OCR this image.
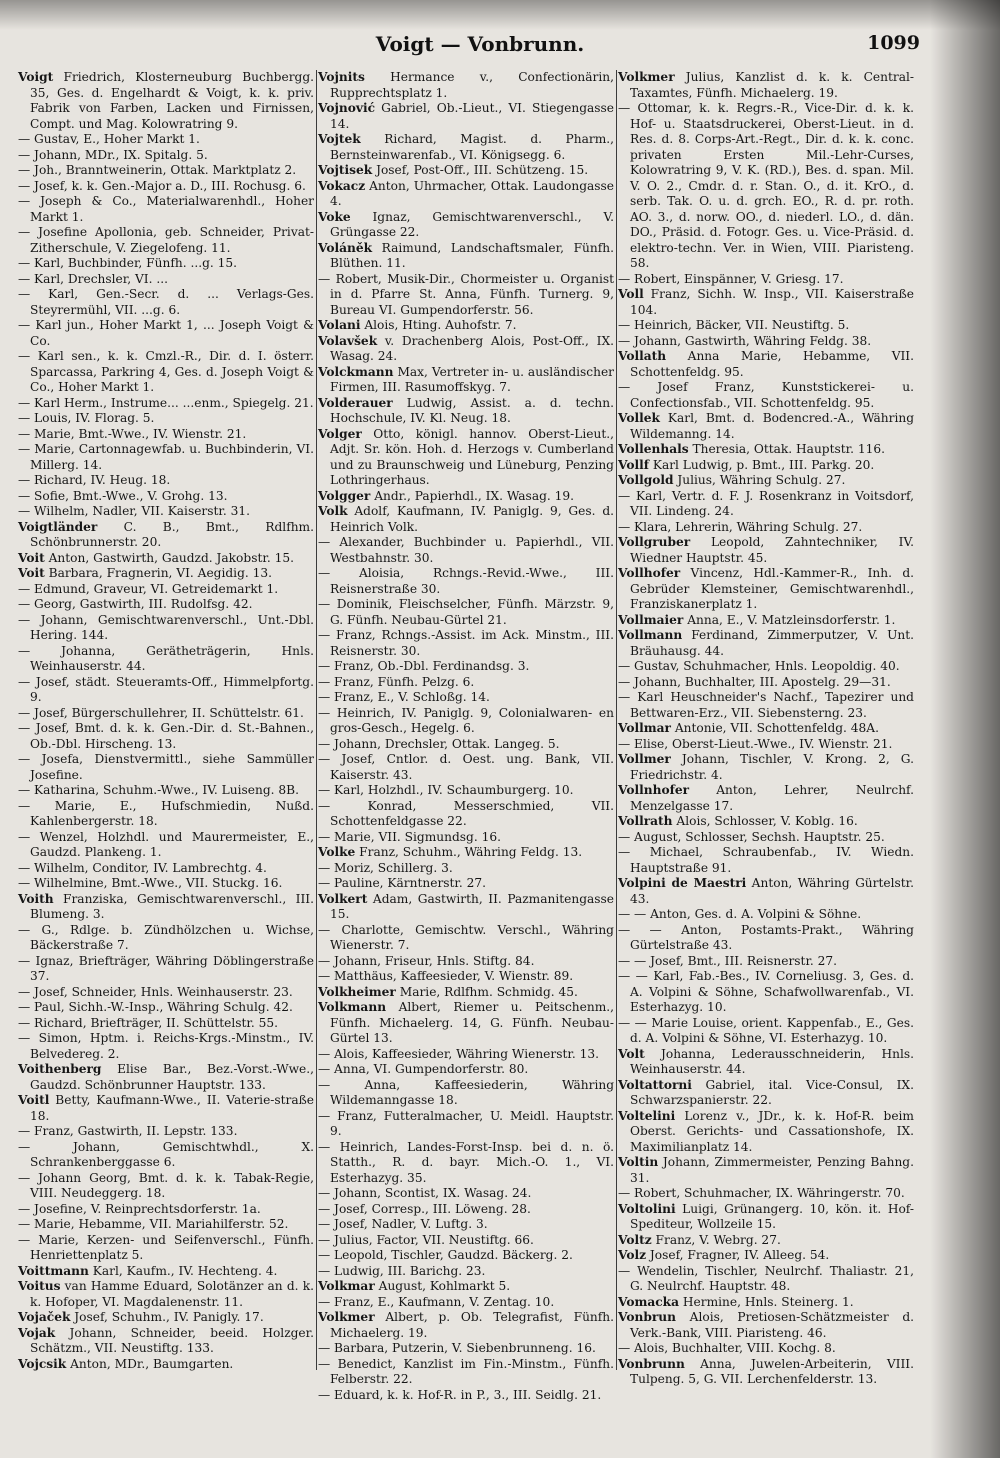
Voigt — Vonbrunn.	1099
Voigt Friedrich, Klosterneuburg Buchbergg. 35, Ges. d. Engelhardt & Voigt, k. k. priv. Fabrik von Farben, Lacken und Firnissen, Compt. und Mag. Kolowratring 9.
— Gustav, E., Hoher Markt 1.
— Johann, MDr., IX. Spitalg. 5.
— Joh., Branntweinerin, Ottak. Marktplatz 2.
— Josef, k. k. Gen.-Major a. D., III. Rochusg. 6.
— Joseph & Co., Materialwarenhdl., Hoher Markt 1.
— Josefine Apollonia, geb. Schneider, Privat-Zitherschule, V. Ziegelofeng. 11.
— Karl, Buchbinder, Fünfh. ...g. 15.
— Karl, Drechsler, VI. ...
— Karl, Gen.-Secr. d. ... Verlags-Ges. Steyrermühl, VII. ...g. 6.
— Karl jun., Hoher Markt 1, ... Joseph Voigt & Co.
— Karl sen., k. k. Cmzl.-R., Dir. d. I. österr. Sparcassa, Parkring 4, Ges. d. Joseph Voigt & Co., Hoher Markt 1.
— Karl Herm., Instrume... ...enm., Spiegelg. 21.
— Louis, IV. Florag. 5.
— Marie, Bmt.-Wwe., IV. Wienstr. 21.
— Marie, Cartonnagewfab. u. Buchbinderin, VI. Millerg. 14.
— Richard, IV. Heug. 18.
— Sofie, Bmt.-Wwe., V. Grohg. 13.
— Wilhelm, Nadler, VII. Kaiserstr. 31.
Voigtländer C. B., Bmt., Rdlfhm. Schönbrunnerstr. 20.
Voit Anton, Gastwirth, Gaudzd. Jakobstr. 15.
Voit Barbara, Fragnerin, VI. Aegidig. 13.
— Edmund, Graveur, VI. Getreidemarkt 1.
— Georg, Gastwirth, III. Rudolfsg. 42.
— Johann, Gemischtwarenverschl., Unt.-Dbl. Hering. 144.
— Johanna, Gerätheträgerin, Hnls. Weinhauserstr. 44.
— Josef, städt. Steueramts-Off., Himmelpfortg. 9.
— Josef, Bürgerschullehrer, II. Schüttelstr. 61.
— Josef, Bmt. d. k. k. Gen.-Dir. d. St.-Bahnen., Ob.-Dbl. Hirscheng. 13.
— Josefa, Dienstvermittl., siehe Sammüller Josefine.
— Katharina, Schuhm.-Wwe., IV. Luiseng. 8B.
— Marie, E., Hufschmiedin, Nußd. Kahlenbergerstr. 18.
— Wenzel, Holzhdl. und Maurermeister, E., Gaudzd. Plankeng. 1.
— Wilhelm, Conditor, IV. Lambrechtg. 4.
— Wilhelmine, Bmt.-Wwe., VII. Stuckg. 16.
Voith Franziska, Gemischtwarenverschl., III. Blumeng. 3.
— G., Rdlge. b. Zündhölzchen u. Wichse, Bäckerstraße 7.
— Ignaz, Briefträger, Währing Döblingerstraße 37.
— Josef, Schneider, Hnls. Weinhauserstr. 23.
— Paul, Sichh.-W.-Insp., Währing Schulg. 42.
— Richard, Briefträger, II. Schüttelstr. 55.
— Simon, Hptm. i. Reichs-Krgs.-Minstm., IV. Belvedereg. 2.
Voithenberg Elise Bar., Bez.-Vorst.-Wwe., Gaudzd. Schönbrunner Hauptstr. 133.
Voitl Betty, Kaufmann-Wwe., II. Vaterie-straße 18.
— Franz, Gastwirth, II. Lepstr. 133.
— Johann, Gemischtwhdl., X. Schrankenberggasse 6.
— Johann Georg, Bmt. d. k. k. Tabak-Regie, VIII. Neudeggerg. 18.
— Josefine, V. Reinprechtsdorferstr. 1a.
— Marie, Hebamme, VII. Mariahilferstr. 52.
— Marie, Kerzen- und Seifenverschl., Fünfh. Henriettenplatz 5.
Voittmann Karl, Kaufm., IV. Hechteng. 4.
Voitus van Hamme Eduard, Solotänzer an d. k. k. Hofoper, VI. Magdalenenstr. 11.
Vojaček Josef, Schuhm., IV. Panigly. 17.
Vojak Johann, Schneider, beeid. Holzger. Schätzm., VII. Neustiftg. 133.
Vojcsik Anton, MDr., Baumgarten.
Vojnits Hermance v., Confectionärin, Rupprechtsplatz 1.
Vojnović Gabriel, Ob.-Lieut., VI. Stiegengasse 14.
Vojtek Richard, Magist. d. Pharm., Bernsteinwarenfab., VI. Königsegg. 6.
Vojtisek Josef, Post-Off., III. Schützeng. 15.
Vokacz Anton, Uhrmacher, Ottak. Laudongasse 4.
Voke Ignaz, Gemischtwarenverschl., V. Grüngasse 22.
Voláněk Raimund, Landschaftsmaler, Fünfh. Blüthen. 11.
— Robert, Musik-Dir., Chormeister u. Organist in d. Pfarre St. Anna, Fünfh. Turnerg. 9, Bureau VI. Gumpendorferstr. 56.
Volani Alois, Hting. Auhofstr. 7.
Volavšek v. Drachenberg Alois, Post-Off., IX. Wasag. 24.
Volckmann Max, Vertreter in- u. ausländischer Firmen, III. Rasumoffskyg. 7.
Volderauer Ludwig, Assist. a. d. techn. Hochschule, IV. Kl. Neug. 18.
Volger Otto, königl. hannov. Oberst-Lieut., Adjt. Sr. kön. Hoh. d. Herzogs v. Cumberland und zu Braunschweig und Lüneburg, Penzing Lothringerhaus.
Volgger Andr., Papierhdl., IX. Wasag. 19.
Volk Adolf, Kaufmann, IV. Paniglg. 9, Ges. d. Heinrich Volk.
— Alexander, Buchbinder u. Papierhdl., VII. Westbahnstr. 30.
— Aloisia, Rchngs.-Revid.-Wwe., III. Reisnerstraße 30.
— Dominik, Fleischselcher, Fünfh. Märzstr. 9, G. Fünfh. Neubau-Gürtel 21.
— Franz, Rchngs.-Assist. im Ack. Minstm., III. Reisnerstr. 30.
— Franz, Ob.-Dbl. Ferdinandsg. 3.
— Franz, Fünfh. Pelzg. 6.
— Franz, E., V. Schloßg. 14.
— Heinrich, IV. Paniglg. 9, Colonialwaren- en gros-Gesch., Hegelg. 6.
— Johann, Drechsler, Ottak. Langeg. 5.
— Josef, Cntlor. d. Oest. ung. Bank, VII. Kaiserstr. 43.
— Karl, Holzhdl., IV. Schaumburgerg. 10.
— Konrad, Messerschmied, VII. Schottenfeldgasse 22.
— Marie, VII. Sigmundsg. 16.
Volke Franz, Schuhm., Währing Feldg. 13.
— Moriz, Schillerg. 3.
— Pauline, Kärntnerstr. 27.
Volkert Adam, Gastwirth, II. Pazmanitengasse 15.
— Charlotte, Gemischtw. Verschl., Währing Wienerstr. 7.
— Johann, Friseur, Hnls. Stiftg. 84.
— Matthäus, Kaffeesieder, V. Wienstr. 89.
Volkheimer Marie, Rdlfhm. Schmidg. 45.
Volkmann Albert, Riemer u. Peitschenm., Fünfh. Michaelerg. 14, G. Fünfh. Neubau-Gürtel 13.
— Alois, Kaffeesieder, Währing Wienerstr. 13.
— Anna, VI. Gumpendorferstr. 80.
— Anna, Kaffeesiederin, Währing Wildemanngasse 18.
— Franz, Futteralmacher, U. Meidl. Hauptstr. 9.
— Heinrich, Landes-Forst-Insp. bei d. n. ö. Statth., R. d. bayr. Mich.-O. 1., VI. Esterhazyg. 35.
— Johann, Scontist, IX. Wasag. 24.
— Josef, Corresp., III. Löweng. 28.
— Josef, Nadler, V. Luftg. 3.
— Julius, Factor, VII. Neustiftg. 66.
— Leopold, Tischler, Gaudzd. Bäckerg. 2.
— Ludwig, III. Barichg. 23.
Volkmar August, Kohlmarkt 5.
— Franz, E., Kaufmann, V. Zentag. 10.
Volkmer Albert, p. Ob. Telegrafist, Fünfh. Michaelerg. 19.
— Barbara, Putzerin, V. Siebenbrunneng. 16.
— Benedict, Kanzlist im Fin.-Minstm., Fünfh. Felberstr. 22.
— Eduard, k. k. Hof-R. in P., 3., III. Seidlg. 21.
Volkmer Julius, Kanzlist d. k. k. Central-Taxamtes, Fünfh. Michaelerg. 19.
— Ottomar, k. k. Regrs.-R., Vice-Dir. d. k. k. Hof- u. Staatsdruckerei, Oberst-Lieut. in d. Res. d. 8. Corps-Art.-Regt., Dir. d. k. k. conc. privaten Ersten Mil.-Lehr-Curses, Kolowratring 9, V. K. (RD.), Bes. d. span. Mil. V. O. 2., Cmdr. d. r. Stan. O., d. it. KrO., d. serb. Tak. O. u. d. grch. EO., R. d. pr. roth. AO. 3., d. norw. OO., d. niederl. LO., d. dän. DO., Präsid. d. Fotogr. Ges. u. Vice-Präsid. d. elektro-techn. Ver. in Wien, VIII. Piaristeng. 58.
— Robert, Einspänner, V. Griesg. 17.
Voll Franz, Sichh. W. Insp., VII. Kaiserstraße 104.
— Heinrich, Bäcker, VII. Neustiftg. 5.
— Johann, Gastwirth, Währing Feldg. 38.
Vollath Anna Marie, Hebamme, VII. Schottenfeldg. 95.
— Josef Franz, Kunststickerei- u. Confectionsfab., VII. Schottenfeldg. 95.
Vollek Karl, Bmt. d. Bodencred.-A., Währing Wildemanng. 14.
Vollenhals Theresia, Ottak. Hauptstr. 116.
Vollf Karl Ludwig, p. Bmt., III. Parkg. 20.
Vollgold Julius, Währing Schulg. 27.
— Karl, Vertr. d. F. J. Rosenkranz in Voitsdorf, VII. Lindeng. 24.
— Klara, Lehrerin, Währing Schulg. 27.
Vollgruber Leopold, Zahntechniker, IV. Wiedner Hauptstr. 45.
Vollhofer Vincenz, Hdl.-Kammer-R., Inh. d. Gebrüder Klemsteiner, Gemischtwarenhdl., Franziskanerplatz 1.
Vollmaier Anna, E., V. Matzleinsdorferstr. 1.
Vollmann Ferdinand, Zimmerputzer, V. Unt. Bräuhausg. 44.
— Gustav, Schuhmacher, Hnls. Leopoldig. 40.
— Johann, Buchhalter, III. Apostelg. 29—31.
— Karl Heuschneider's Nachf., Tapezirer und Bettwaren-Erz., VII. Siebensterng. 23.
Vollmar Antonie, VII. Schottenfeldg. 48A.
— Elise, Oberst-Lieut.-Wwe., IV. Wienstr. 21.
Vollmer Johann, Tischler, V. Krong. 2, G. Friedrichstr. 4.
Vollnhofer Anton, Lehrer, Neulrchf. Menzelgasse 17.
Vollrath Alois, Schlosser, V. Koblg. 16.
— August, Schlosser, Sechsh. Hauptstr. 25.
— Michael, Schraubenfab., IV. Wiedn. Hauptstraße 91.
Volpini de Maestri Anton, Währing Gürtelstr. 43.
— — Anton, Ges. d. A. Volpini & Söhne.
— — Anton, Postamts-Prakt., Währing Gürtelstraße 43.
— — Josef, Bmt., III. Reisnerstr. 27.
— — Karl, Fab.-Bes., IV. Corneliusg. 3, Ges. d. A. Volpini & Söhne, Schafwollwarenfab., VI. Esterhazyg. 10.
— — Marie Louise, orient. Kappenfab., E., Ges. d. A. Volpini & Söhne, VI. Esterhazyg. 10.
Volt Johanna, Lederausschneiderin, Hnls. Weinhauserstr. 44.
Voltattorni Gabriel, ital. Vice-Consul, IX. Schwarzspanierstr. 22.
Voltelini Lorenz v., JDr., k. k. Hof-R. beim Oberst. Gerichts- und Cassationshofe, IX. Maximilianplatz 14.
Voltin Johann, Zimmermeister, Penzing Bahng. 31.
— Robert, Schuhmacher, IX. Währingerstr. 70.
Voltolini Luigi, Grünangerg. 10, kön. it. Hof-Spediteur, Wollzeile 15.
Voltz Franz, V. Webrg. 27.
Volz Josef, Fragner, IV. Alleeg. 54.
— Wendelin, Tischler, Neulrchf. Thaliastr. 21, G. Neulrchf. Hauptstr. 48.
Vomacka Hermine, Hnls. Steinerg. 1.
Vonbrun Alois, Pretiosen-Schätzmeister d. Verk.-Bank, VIII. Piaristeng. 46.
— Alois, Buchhalter, VIII. Kochg. 8.
Vonbrunn Anna, Juwelen-Arbeiterin, VIII. Tulpeng. 5, G. VII. Lerchenfelderstr. 13.
